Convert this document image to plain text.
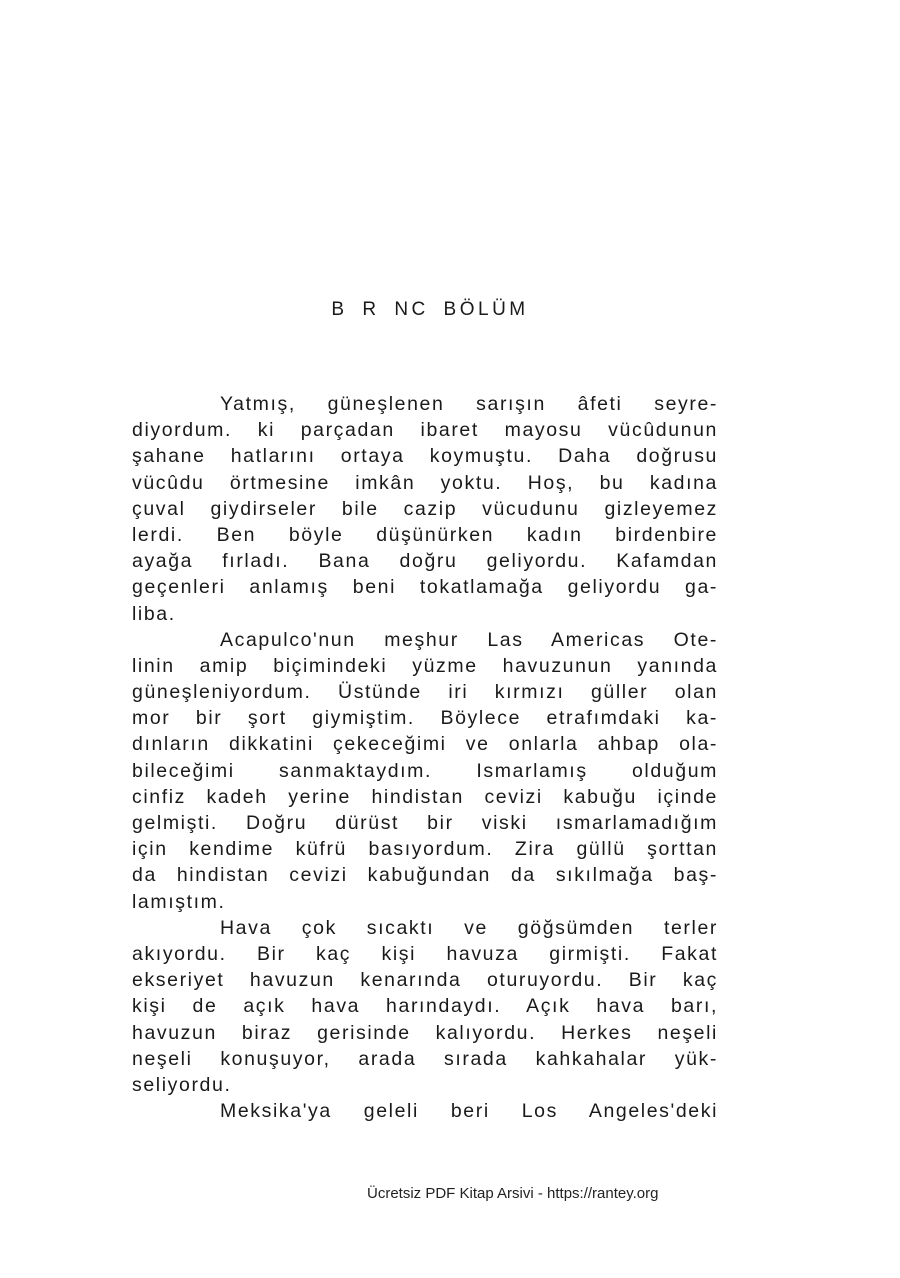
B R NC BÖLÜM
Yatmış, güneşlenen sarışın âfeti seyre-
diyordum. ki parçadan ibaret mayosu vücûdunun
şahane hatlarını ortaya koymuştu. Daha doğrusu
vücûdu örtmesine imkân yoktu. Hoş, bu kadına
çuval giydirseler bile cazip vücudunu gizleyemez
lerdi. Ben böyle düşünürken kadın birdenbire
ayağa fırladı. Bana doğru geliyordu. Kafamdan
geçenleri anlamış beni tokatlamağa geliyordu ga-
liba.
Acapulco'nun meşhur Las Americas Ote-
linin amip biçimindeki yüzme havuzunun yanında
güneşleniyordum. Üstünde iri kırmızı güller olan
mor bir şort giymiştim. Böylece etrafımdaki ka-
dınların dikkatini çekeceğimi ve onlarla ahbap ola-
bileceğimi sanmaktaydım. Ismarlamış olduğum
cinfiz kadeh yerine hindistan cevizi kabuğu içinde
gelmişti. Doğru dürüst bir viski ısmarlamadığım
için kendime küfrü basıyordum. Zira güllü şorttan
da hindistan cevizi kabuğundan da sıkılmağa baş-
lamıştım.
Hava çok sıcaktı ve göğsümden terler
akıyordu. Bir kaç kişi havuza girmişti. Fakat
ekseriyet havuzun kenarında oturuyordu. Bir kaç
kişi de açık hava harındaydı. Açık hava barı,
havuzun biraz gerisinde kalıyordu. Herkes neşeli
neşeli konuşuyor, arada sırada kahkahalar yük-
seliyordu.
Meksika'ya geleli beri Los Angeles'deki
Ücretsiz PDF Kitap Arsivi - https://rantey.org
